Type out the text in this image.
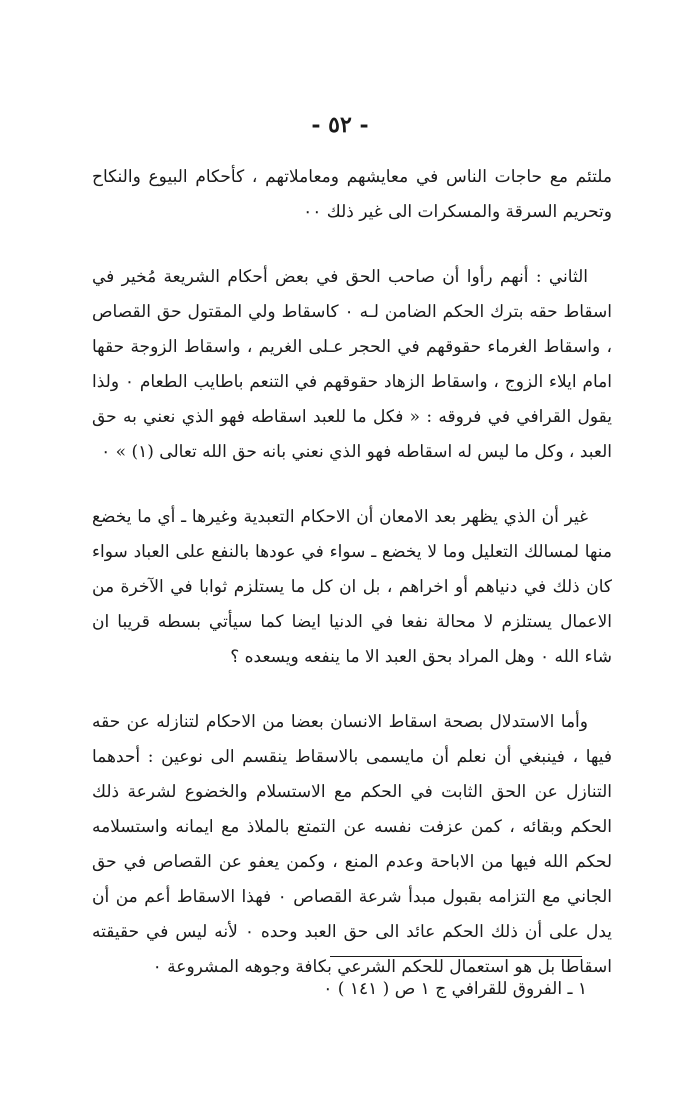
- ٥٢ -

ملتئم مع حاجات الناس في معايشهم ومعاملاتهم ، كأحكام البيوع والنكاح وتحريم السرقة والمسكرات الى غير ذلك ٠٠

الثاني : أنهم رأوا أن صاحب الحق في بعض أحكام الشريعة مُخير في اسقاط حقه بترك الحكم الضامن لـه ٠ كاسقاط ولي المقتول حق القصاص ، واسقاط الغرماء حقوقهم في الحجر عـلى الغريم ، واسقاط الزوجة حقها امام ايلاء الزوج ، واسقاط الزهاد حقوقهم في التنعم باطايب الطعام ٠ ولذا يقول القرافي في فروقه : « فكل ما للعبد اسقاطه فهو الذي نعني به حق العبد ، وكل ما ليس له اسقاطه فهو الذي نعني بانه حق الله تعالى (١) » ٠

غير أن الذي يظهر بعد الامعان أن الاحكام التعبدية وغيرها ـ أي ما يخضع منها لمسالك التعليل وما لا يخضع ـ سواء في عودها بالنفع على العباد سواء كان ذلك في دنياهم أو اخراهم ، بل ان كل ما يستلزم ثوابا في الآخرة من الاعمال يستلزم لا محالة نفعا في الدنيا ايضا كما سيأتي بسطه قريبا ان شاء الله ٠ وهل المراد بحق العبد الا ما ينفعه ويسعده ؟

وأما الاستدلال بصحة اسقاط الانسان بعضا من الاحكام لتنازله عن حقه فيها ، فينبغي أن نعلم أن مايسمى بالاسقاط ينقسم الى نوعين : أحدهما التنازل عن الحق الثابت في الحكم مع الاستسلام والخضوع لشرعة ذلك الحكم وبقائه ، كمن عزفت نفسه عن التمتع بالملاذ مع ايمانه واستسلامه لحكم الله فيها من الاباحة وعدم المنع ، وكمن يعفو عن القصاص في حق الجاني مع التزامه بقبول مبدأ شرعة القصاص ٠ فهذا الاسقاط أعم من أن يدل على أن ذلك الحكم عائد الى حق العبد وحده ٠ لأنه ليس في حقيقته اسقاطا بل هو استعمال للحكم الشرعي بكافة وجوهه المشروعة ٠

١ ـ الفروق للقرافي ج ١ ص ( ١٤١ ) ٠
